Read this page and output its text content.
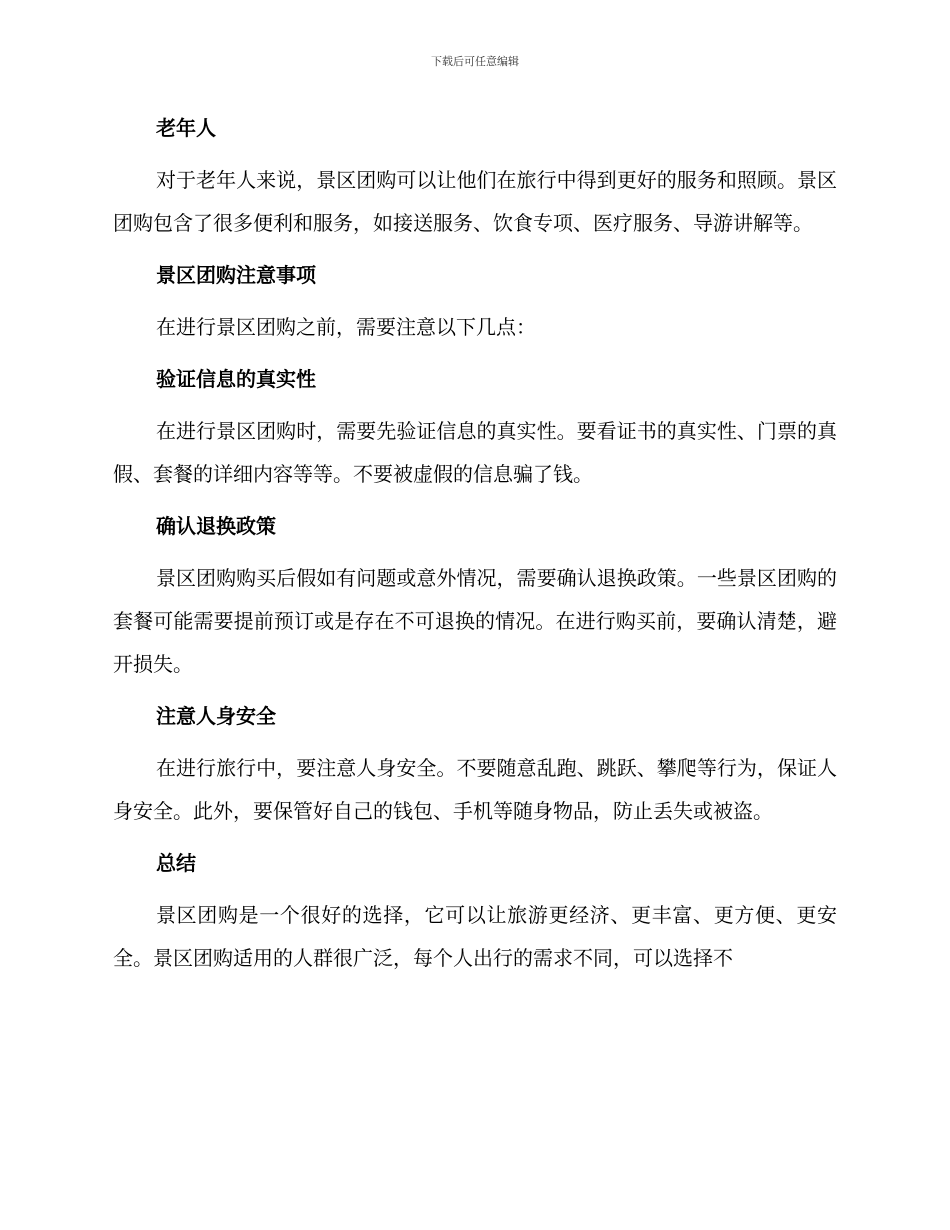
下载后可任意编辑

老年人

对于老年人来说，景区团购可以让他们在旅行中得到更好的服务和照顾。景区团购包含了很多便利和服务，如接送服务、饮食专项、医疗服务、导游讲解等。

景区团购注意事项

在进行景区团购之前，需要注意以下几点：

验证信息的真实性

在进行景区团购时，需要先验证信息的真实性。要看证书的真实性、门票的真假、套餐的详细内容等等。不要被虚假的信息骗了钱。

确认退换政策

景区团购购买后假如有问题或意外情况，需要确认退换政策。一些景区团购的套餐可能需要提前预订或是存在不可退换的情况。在进行购买前，要确认清楚，避开损失。

注意人身安全

在进行旅行中，要注意人身安全。不要随意乱跑、跳跃、攀爬等行为，保证人身安全。此外，要保管好自己的钱包、手机等随身物品，防止丢失或被盗。

总结

景区团购是一个很好的选择，它可以让旅游更经济、更丰富、更方便、更安全。景区团购适用的人群很广泛，每个人出行的需求不同，可以选择不
